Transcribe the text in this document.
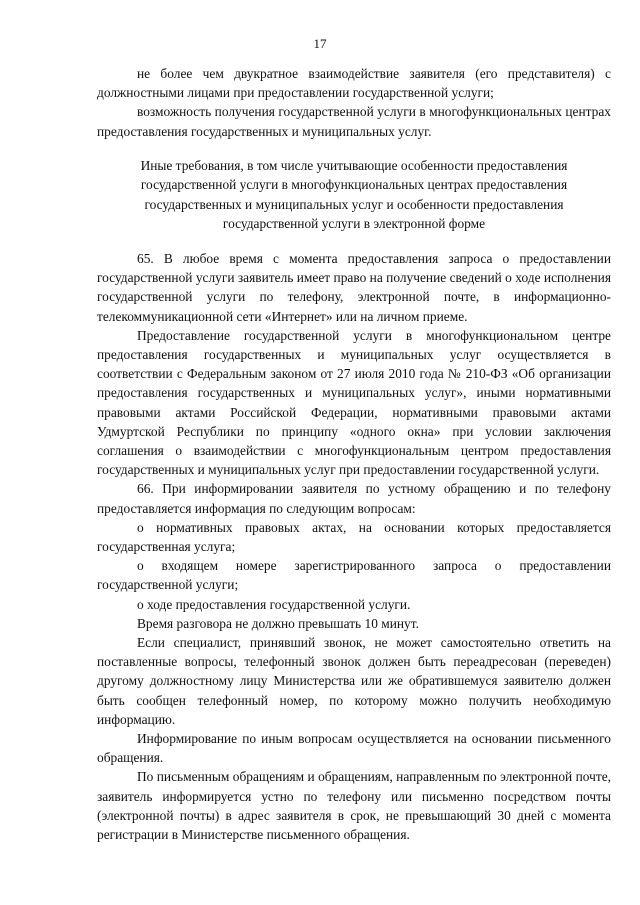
17

не более чем двукратное взаимодействие заявителя (его представителя) с должностными лицами при предоставлении государственной услуги;

возможность получения государственной услуги в многофункциональных центрах предоставления государственных и муниципальных услуг.

Иные требования, в том числе учитывающие особенности предоставления
государственной услуги в многофункциональных центрах предоставления
государственных и муниципальных услуг и особенности предоставления
государственной услуги в электронной форме

65. В любое время с момента предоставления запроса о предоставлении государственной услуги заявитель имеет право на получение сведений о ходе исполнения государственной услуги по телефону, электронной почте, в информационно-телекоммуникационной сети «Интернет» или на личном приеме.

Предоставление государственной услуги в многофункциональном центре предоставления государственных и муниципальных услуг осуществляется в соответствии с Федеральным законом от 27 июля 2010 года № 210-ФЗ «Об организации предоставления государственных и муниципальных услуг», иными нормативными правовыми актами Российской Федерации, нормативными правовыми актами Удмуртской Республики по принципу «одного окна» при условии заключения соглашения о взаимодействии с многофункциональным центром предоставления государственных и муниципальных услуг при предоставлении государственной услуги.

66. При информировании заявителя по устному обращению и по телефону предоставляется информация по следующим вопросам:

о нормативных правовых актах, на основании которых предоставляется государственная услуга;

о входящем номере зарегистрированного запроса о предоставлении государственной услуги;

о ходе предоставления государственной услуги.

Время разговора не должно превышать 10 минут.

Если специалист, принявший звонок, не может самостоятельно ответить на поставленные вопросы, телефонный звонок должен быть переадресован (переведен) другому должностному лицу Министерства или же обратившемуся заявителю должен быть сообщен телефонный номер, по которому можно получить необходимую информацию.

Информирование по иным вопросам осуществляется на основании письменного обращения.

По письменным обращениям и обращениям, направленным по электронной почте, заявитель информируется устно по телефону или письменно посредством почты (электронной почты) в адрес заявителя в срок, не превышающий 30 дней с момента регистрации в Министерстве письменного обращения.
